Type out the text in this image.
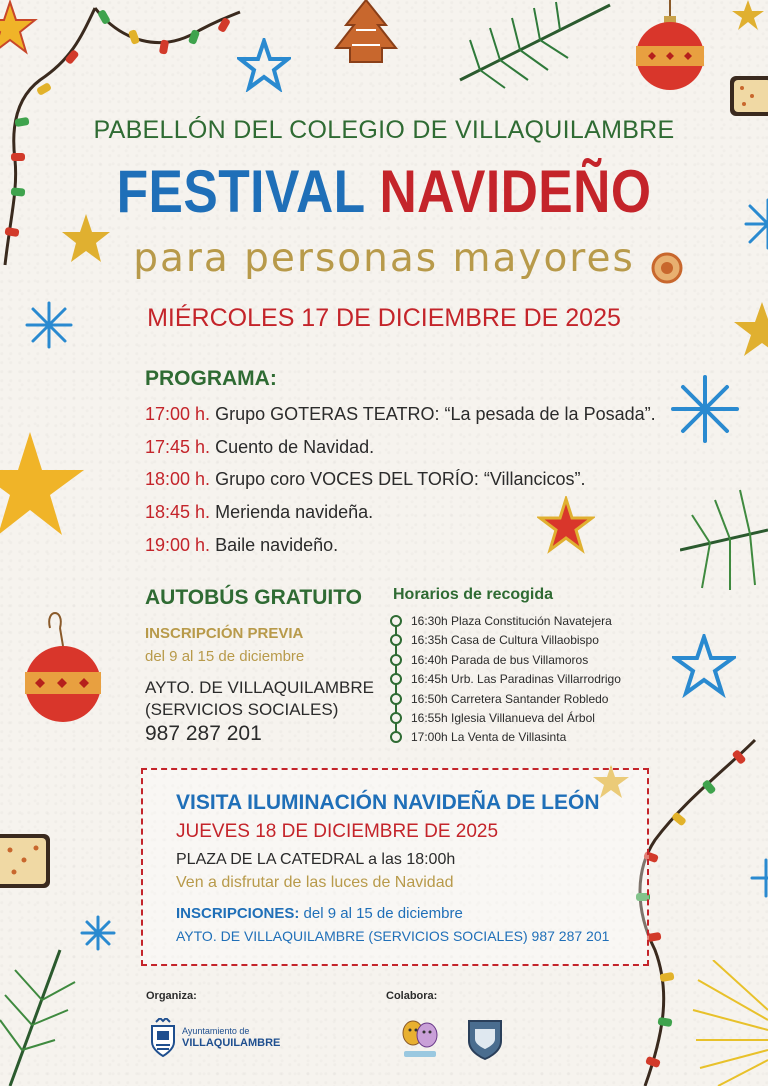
PABELLÓN DEL COLEGIO DE VILLAQUILAMBRE
FESTIVAL NAVIDEÑO
para personas mayores
MIÉRCOLES 17 DE DICIEMBRE DE 2025
PROGRAMA:
17:00 h. Grupo GOTERAS TEATRO: “La pesada de la Posada”.
17:45 h. Cuento de Navidad.
18:00 h. Grupo coro VOCES DEL TORÍO: “Villancicos”.
18:45 h. Merienda navideña.
19:00 h. Baile navideño.
AUTOBÚS GRATUITO
INSCRIPCIÓN PREVIA
del 9 al 15 de diciembre
AYTO. DE VILLAQUILAMBRE
(SERVICIOS SOCIALES)
987 287 201
Horarios de recogida
16:30h Plaza Constitución Navatejera
16:35h Casa de Cultura Villaobispo
16:40h Parada de bus Villamoros
16:45h Urb. Las Paradinas Villarrodrigo
16:50h Carretera Santander Robledo
16:55h Iglesia Villanueva del Árbol
17:00h La Venta de Villasinta
VISITA ILUMINACIÓN NAVIDEÑA DE LEÓN
JUEVES 18 DE DICIEMBRE DE 2025
PLAZA DE LA CATEDRAL a las 18:00h
Ven a disfrutar de las luces de Navidad
INSCRIPCIONES: del 9 al 15 de diciembre
AYTO. DE VILLAQUILAMBRE (SERVICIOS SOCIALES) 987 287 201
Organiza:	Colabora:
Ayuntamiento de
VILLAQUILAMBRE
